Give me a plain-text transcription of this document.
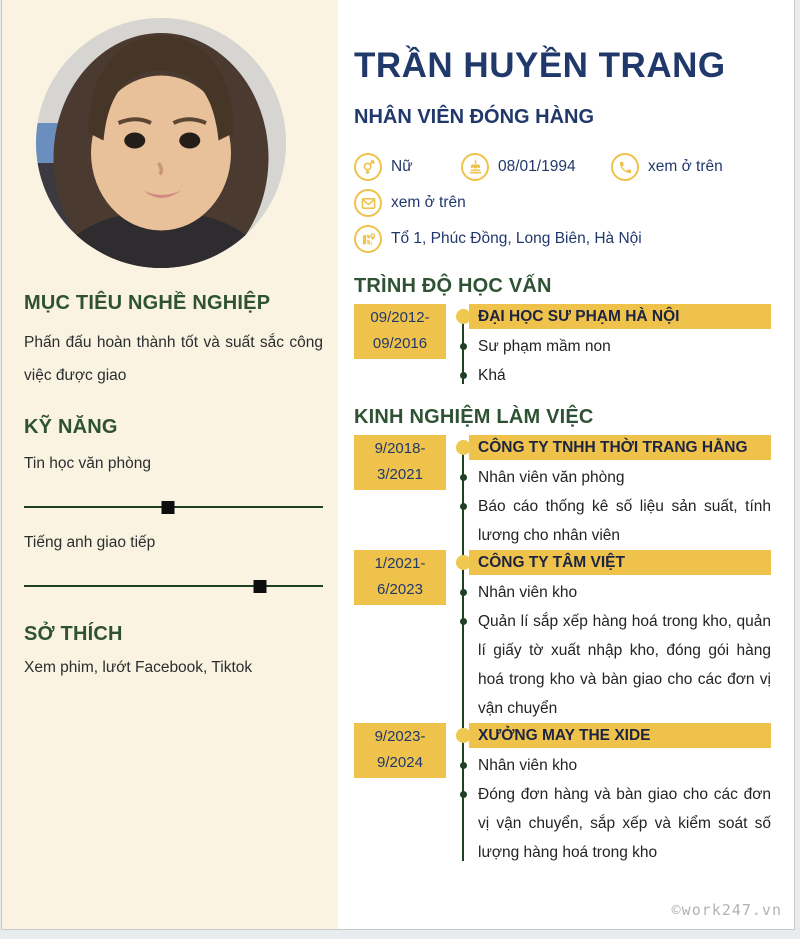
MỤC TIÊU NGHỀ NGHIỆP
Phấn đấu hoàn thành tốt và suất sắc công việc được giao
KỸ NĂNG
Tin học văn phòng
Tiếng anh giao tiếp
SỞ THÍCH
Xem phim, lướt Facebook, Tiktok
TRẦN HUYỀN TRANG
NHÂN VIÊN ĐÓNG HÀNG
Nữ	08/01/1994	xem ở trên
xem ở trên
Tổ 1, Phúc Đồng, Long Biên, Hà Nội
TRÌNH ĐỘ HỌC VẤN
09/2012-
09/2016
ĐẠI HỌC SƯ PHẠM HÀ NỘI
Sư phạm mầm non
Khá
KINH NGHIỆM LÀM VIỆC
9/2018-
3/2021
CÔNG TY TNHH THỜI TRANG HẰNG
Nhân viên văn phòng
Báo cáo thống kê số liệu sản suất, tính lương cho nhân viên
1/2021-
6/2023
CÔNG TY TÂM VIỆT
Nhân viên kho
Quản lí sắp xếp hàng hoá trong kho, quản lí giấy tờ xuất nhập kho, đóng gói hàng hoá trong kho và bàn giao cho các đơn vị vận chuyển
9/2023-
9/2024
XƯỞNG MAY THE XIDE
Nhân viên kho
Đóng đơn hàng và bàn giao cho các đơn vị vận chuyển, sắp xếp và kiểm soát số lượng hàng hoá trong kho
©work247.vn
